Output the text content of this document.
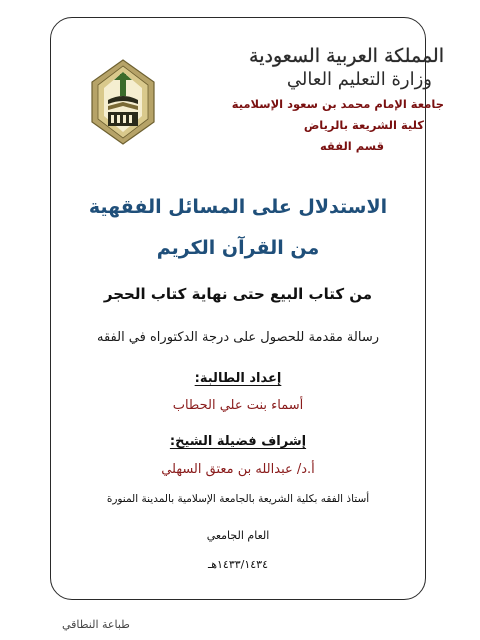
المملكة العربية السعودية
وزارة التعليم العالي
جامعة الإمام محمد بن سعود الإسلامية
كلية الشريعة بالرياض
قسم الفقه
الاستدلال على المسائل الفقهية
من القرآن الكريم
من كتاب البيع حتى نهاية كتاب الحجر
رسالة مقدمة للحصول على درجة الدكتوراه في الفقه
إعداد الطالبة:
أسماء بنت علي الحطاب
إشراف فضيلة الشيخ:
أ.د/ عبدالله بن معتق السهلي
أستاذ الفقه بكلية الشريعة بالجامعة الإسلامية بالمدينة المنورة
العام الجامعي
١٤٣٣/١٤٣٤هـ
طباعة النطاقي
